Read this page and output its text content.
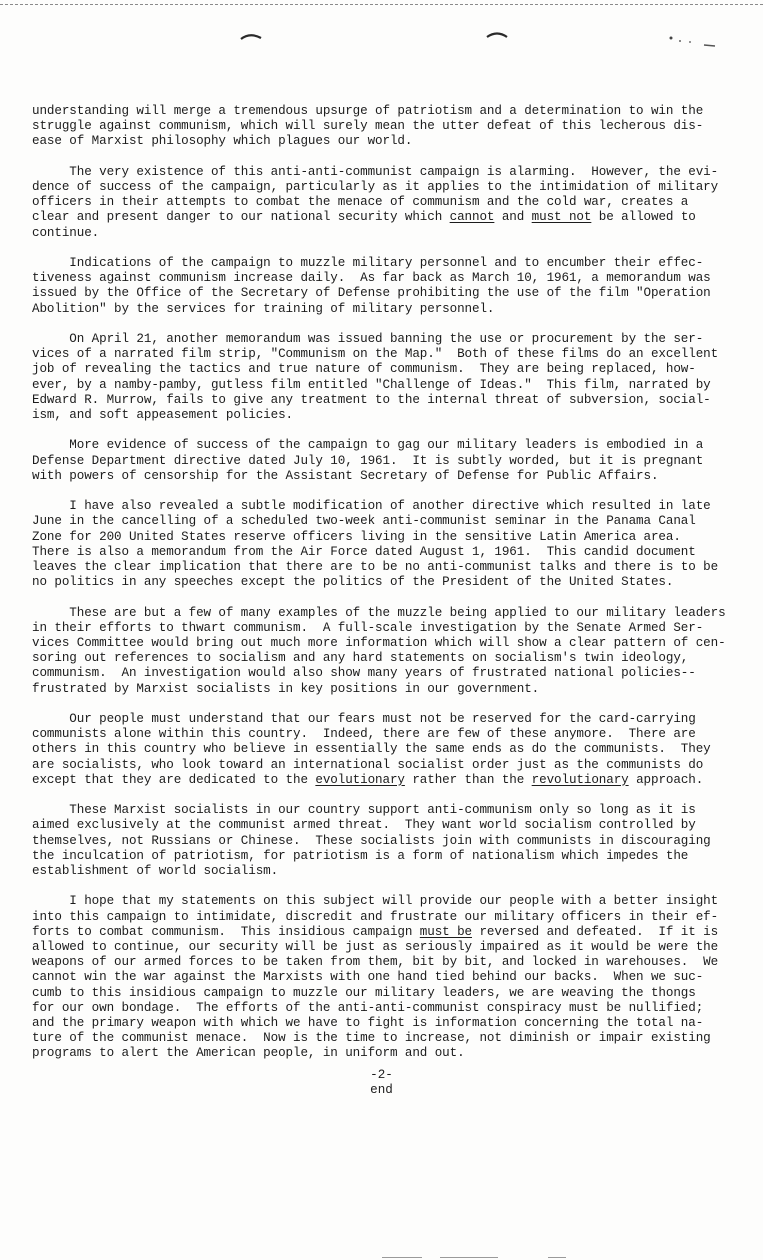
understanding will merge a tremendous upsurge of patriotism and a determination to win the
struggle against communism, which will surely mean the utter defeat of this lecherous dis-
ease of Marxist philosophy which plagues our world.

The very existence of this anti-anti-communist campaign is alarming.  However, the evi-
dence of success of the campaign, particularly as it applies to the intimidation of military
officers in their attempts to combat the menace of communism and the cold war, creates a
clear and present danger to our national security which cannot and must not be allowed to
continue.

Indications of the campaign to muzzle military personnel and to encumber their effec-
tiveness against communism increase daily.  As far back as March 10, 1961, a memorandum was
issued by the Office of the Secretary of Defense prohibiting the use of the film "Operation
Abolition" by the services for training of military personnel.

On April 21, another memorandum was issued banning the use or procurement by the ser-
vices of a narrated film strip, "Communism on the Map."  Both of these films do an excellent
job of revealing the tactics and true nature of communism.  They are being replaced, how-
ever, by a namby-pamby, gutless film entitled "Challenge of Ideas."  This film, narrated by
Edward R. Murrow, fails to give any treatment to the internal threat of subversion, social-
ism, and soft appeasement policies.

More evidence of success of the campaign to gag our military leaders is embodied in a
Defense Department directive dated July 10, 1961.  It is subtly worded, but it is pregnant
with powers of censorship for the Assistant Secretary of Defense for Public Affairs.

I have also revealed a subtle modification of another directive which resulted in late
June in the cancelling of a scheduled two-week anti-communist seminar in the Panama Canal
Zone for 200 United States reserve officers living in the sensitive Latin America area.
There is also a memorandum from the Air Force dated August 1, 1961.  This candid document
leaves the clear implication that there are to be no anti-communist talks and there is to be
no politics in any speeches except the politics of the President of the United States.

These are but a few of many examples of the muzzle being applied to our military leaders
in their efforts to thwart communism.  A full-scale investigation by the Senate Armed Ser-
vices Committee would bring out much more information which will show a clear pattern of cen-
soring out references to socialism and any hard statements on socialism's twin ideology,
communism.  An investigation would also show many years of frustrated national policies--
frustrated by Marxist socialists in key positions in our government.

Our people must understand that our fears must not be reserved for the card-carrying
communists alone within this country.  Indeed, there are few of these anymore.  There are
others in this country who believe in essentially the same ends as do the communists.  They
are socialists, who look toward an international socialist order just as the communists do
except that they are dedicated to the evolutionary rather than the revolutionary approach.

These Marxist socialists in our country support anti-communism only so long as it is
aimed exclusively at the communist armed threat.  They want world socialism controlled by
themselves, not Russians or Chinese.  These socialists join with communists in discouraging
the inculcation of patriotism, for patriotism is a form of nationalism which impedes the
establishment of world socialism.

I hope that my statements on this subject will provide our people with a better insight
into this campaign to intimidate, discredit and frustrate our military officers in their ef-
forts to combat communism.  This insidious campaign must be reversed and defeated.  If it is
allowed to continue, our security will be just as seriously impaired as it would be were the
weapons of our armed forces to be taken from them, bit by bit, and locked in warehouses.  We
cannot win the war against the Marxists with one hand tied behind our backs.  When we suc-
cumb to this insidious campaign to muzzle our military leaders, we are weaving the thongs
for our own bondage.  The efforts of the anti-anti-communist conspiracy must be nullified;
and the primary weapon with which we have to fight is information concerning the total na-
ture of the communist menace.  Now is the time to increase, not diminish or impair existing
programs to alert the American people, in uniform and out.

-2-
end
